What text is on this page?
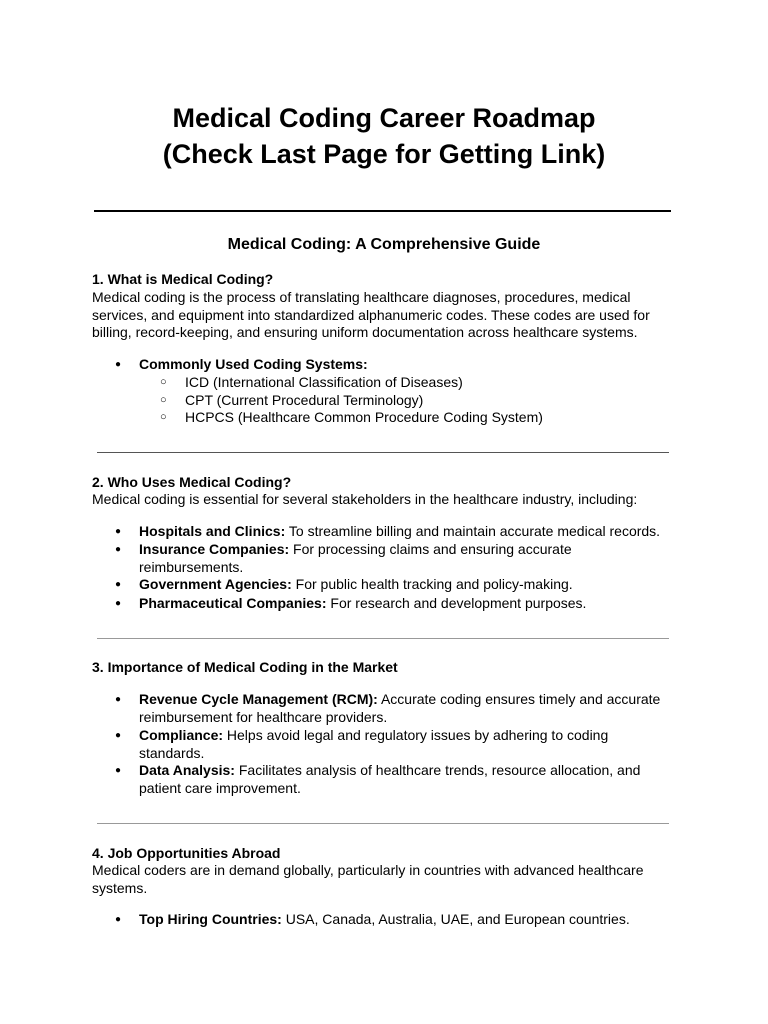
Medical Coding Career Roadmap
(Check Last Page for Getting Link)
Medical Coding: A Comprehensive Guide
1. What is Medical Coding?
Medical coding is the process of translating healthcare diagnoses, procedures, medical
services, and equipment into standardized alphanumeric codes. These codes are used for
billing, record-keeping, and ensuring uniform documentation across healthcare systems.
● Commonly Used Coding Systems:
○ ICD (International Classification of Diseases)
○ CPT (Current Procedural Terminology)
○ HCPCS (Healthcare Common Procedure Coding System)
2. Who Uses Medical Coding?
Medical coding is essential for several stakeholders in the healthcare industry, including:
● Hospitals and Clinics: To streamline billing and maintain accurate medical records.
● Insurance Companies: For processing claims and ensuring accurate reimbursements.
● Government Agencies: For public health tracking and policy-making.
● Pharmaceutical Companies: For research and development purposes.
3. Importance of Medical Coding in the Market
● Revenue Cycle Management (RCM): Accurate coding ensures timely and accurate reimbursement for healthcare providers.
● Compliance: Helps avoid legal and regulatory issues by adhering to coding standards.
● Data Analysis: Facilitates analysis of healthcare trends, resource allocation, and patient care improvement.
4. Job Opportunities Abroad
Medical coders are in demand globally, particularly in countries with advanced healthcare
systems.
● Top Hiring Countries: USA, Canada, Australia, UAE, and European countries.
